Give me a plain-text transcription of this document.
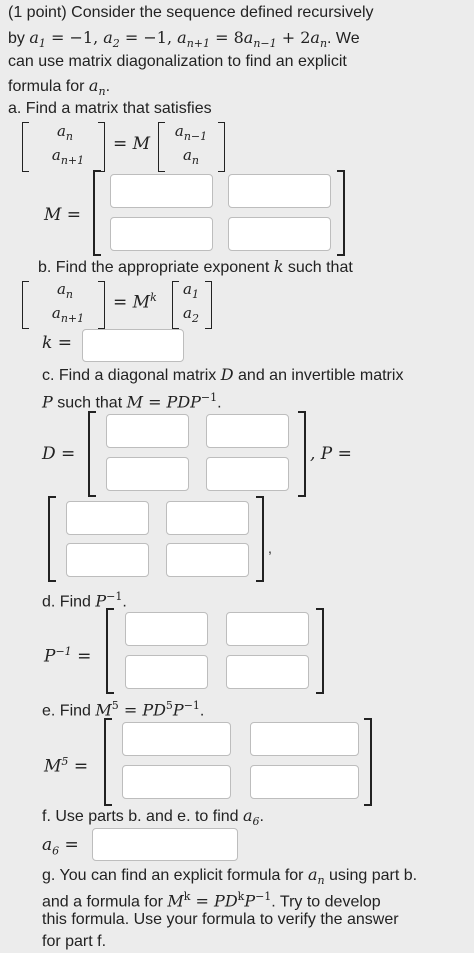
(1 point) Consider the sequence defined recursively
by $a_1 = -1$, $a_2 = -1$, $a_{n+1} = 8a_{n-1} + 2a_n$. We
can use matrix diagonalization to find an explicit
formula for $a_n$.
a. Find a matrix that satisfies
$a_n$
$a_{n+1}$
= M
$a_{n-1}$
$a_n$
M =
b. Find the appropriate exponent k such that
$a_n$
$a_{n+1}$
= $M^k$	$a_1$
$a_2$
k =
c. Find a diagonal matrix D and an invertible matrix
P such that $M = PDP^{-1}$.
D =	, P =
,
d. Find $P^{-1}$.
$P^{-1}$ =
e. Find $M^5 = PD^5P^{-1}$.
$M^5$ =
f. Use parts b. and e. to find $a_6$.
$a_6$ =
g. You can find an explicit formula for $a_n$ using part b.
and a formula for $M^k = PD^kP^{-1}$. Try to develop
this formula. Use your formula to verify the answer
for part f.
